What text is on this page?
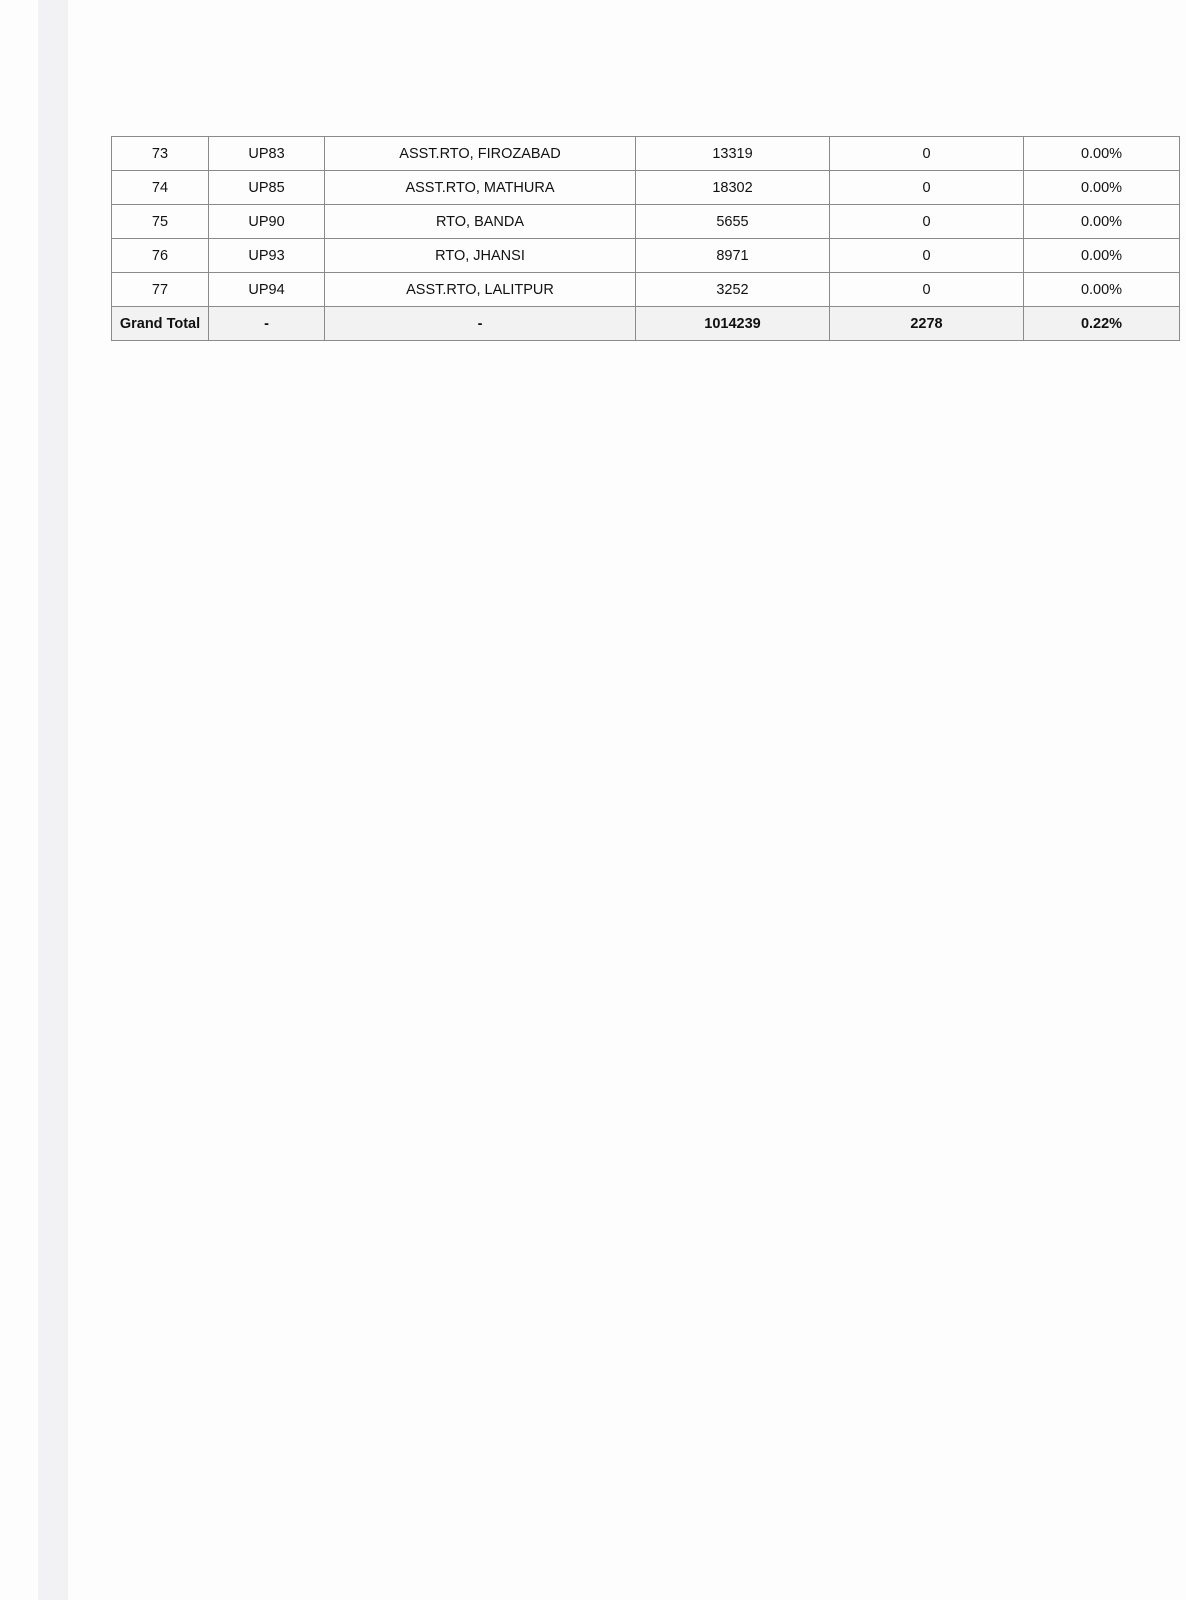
73	UP83	ASST.RTO, FIROZABAD	13319	0	0.00%
74	UP85	ASST.RTO, MATHURA	18302	0	0.00%
75	UP90	RTO, BANDA	5655	0	0.00%
76	UP93	RTO, JHANSI	8971	0	0.00%
77	UP94	ASST.RTO, LALITPUR	3252	0	0.00%
Grand Total	-	-	1014239	2278	0.22%
